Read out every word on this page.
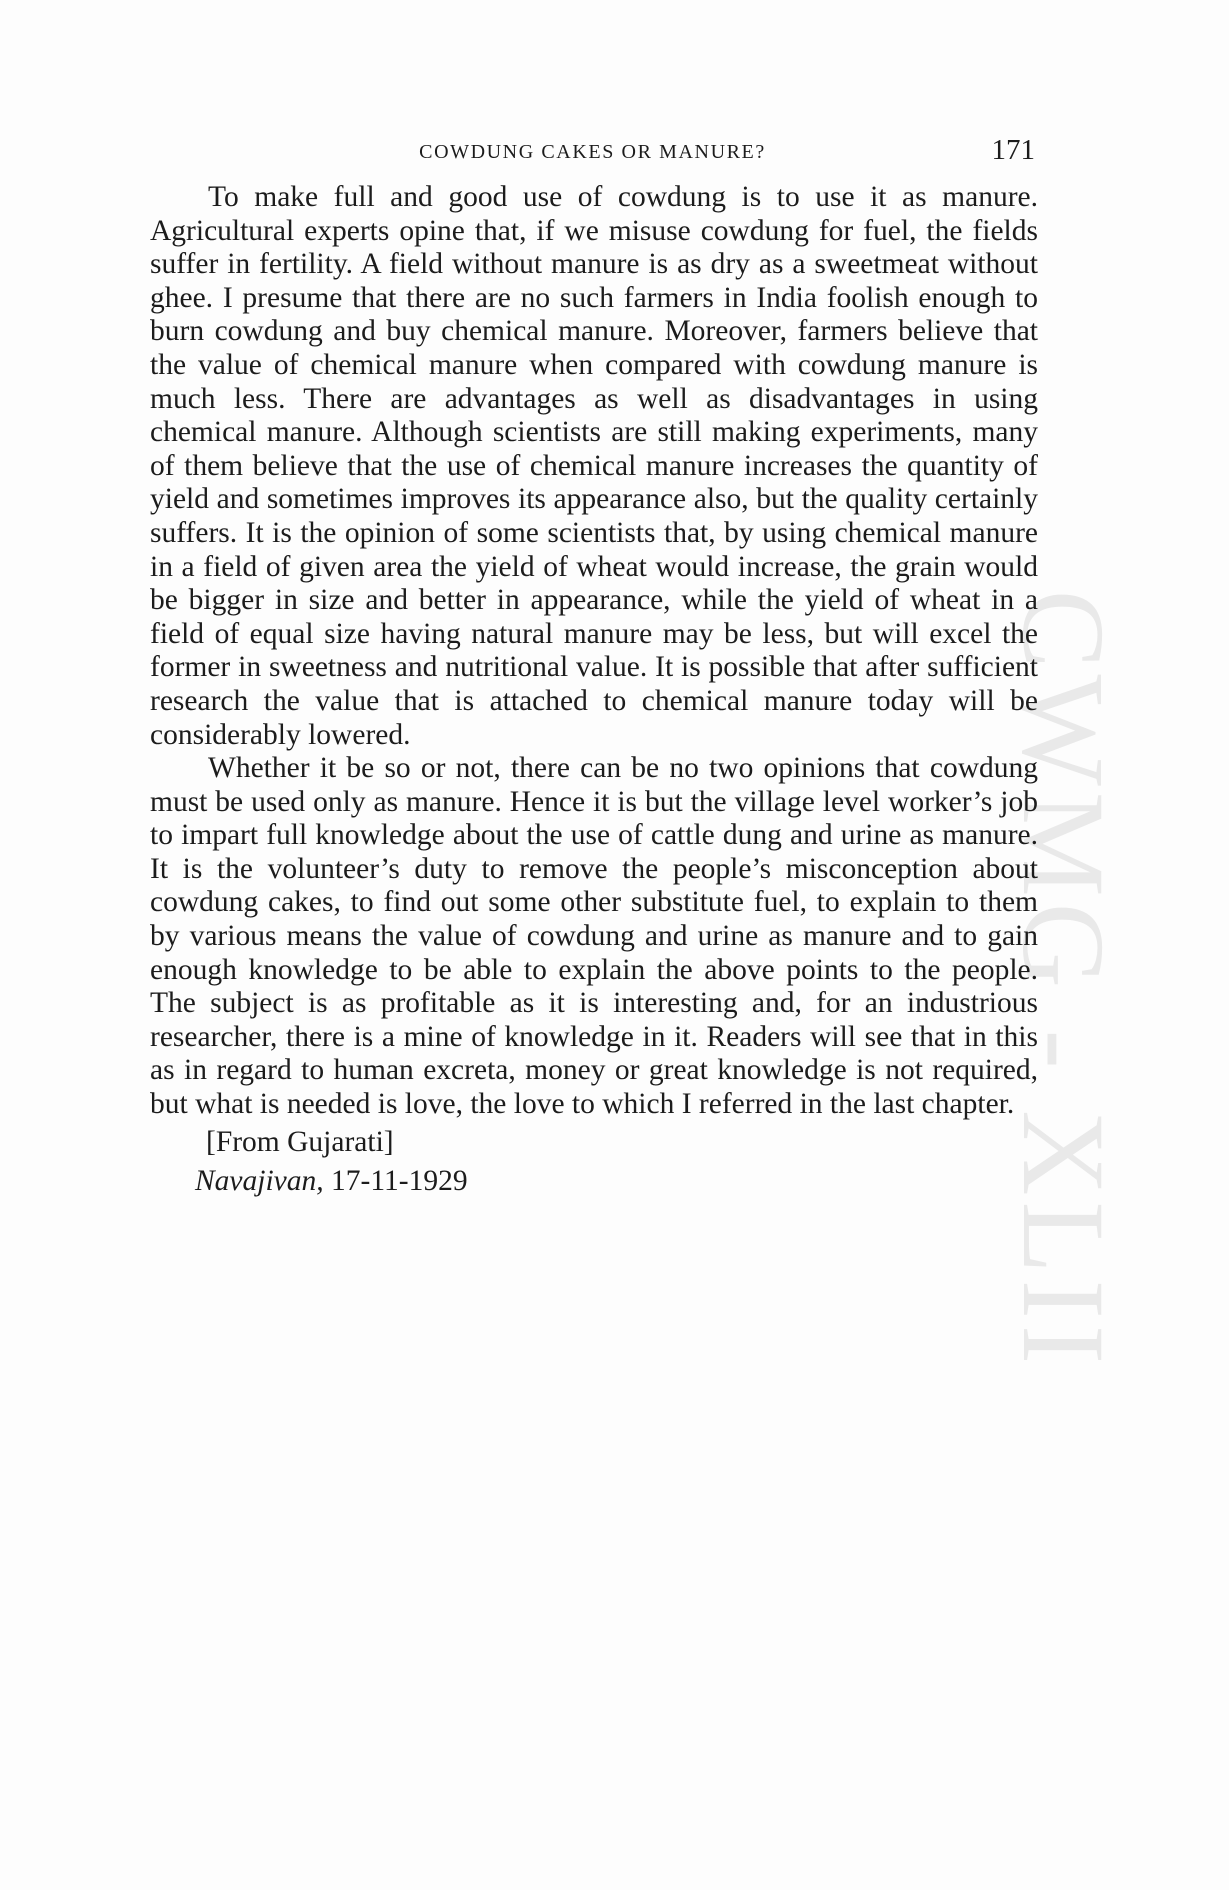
CWMG - XLII
COWDUNG CAKES OR MANURE?	171

To make full and good use of cowdung is to use it as manure. Agricultural experts opine that, if we misuse cowdung for fuel, the fields suffer in fertility. A field without manure is as dry as a sweetmeat without ghee. I presume that there are no such farmers in India foolish enough to burn cowdung and buy chemical manure. Moreover, farmers believe that the value of chemical manure when compared with cowdung manure is much less. There are advantages as well as disadvantages in using chemical manure. Although scientists are still making experiments, many of them believe that the use of chemical manure increases the quantity of yield and sometimes improves its appearance also, but the quality certainly suffers. It is the opinion of some scientists that, by using chemical manure in a field of given area the yield of wheat would increase, the grain would be bigger in size and better in appearance, while the yield of wheat in a field of equal size having natural manure may be less, but will excel the former in sweetness and nutritional value. It is possible that after sufficient research the value that is attached to chemical manure today will be considerably lowered.

Whether it be so or not, there can be no two opinions that cowdung must be used only as manure. Hence it is but the village level worker’s job to impart full knowledge about the use of cattle dung and urine as manure. It is the volunteer’s duty to remove the people’s misconception about cowdung cakes, to find out some other substitute fuel, to explain to them by various means the value of cowdung and urine as manure and to gain enough knowledge to be able to explain the above points to the people. The subject is as profitable as it is interesting and, for an industrious researcher, there is a mine of knowledge in it. Readers will see that in this as in regard to human excreta, money or great knowledge is not required, but what is needed is love, the love to which I referred in the last chapter.

[From Gujarati]

Navajivan, 17-11-1929
